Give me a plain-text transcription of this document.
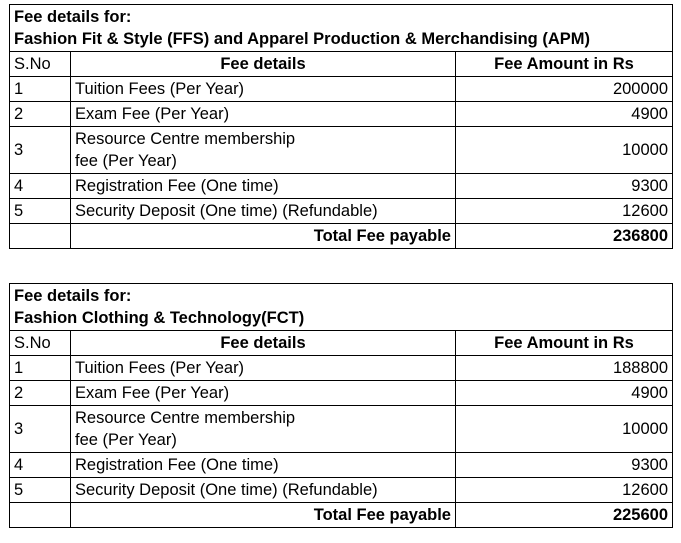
Fee details for:
Fashion Fit & Style (FFS) and Apparel Production & Merchandising (APM)		

S.No	Fee details	Fee Amount in Rs
1	Tuition Fees (Per Year)	200000
2	Exam Fee (Per Year)	4900
3	Resource Centre membership fee (Per Year)	10000
4	Registration Fee (One time)	9300
5	Security Deposit (One time) (Refundable)	12600
	Total Fee payable	236800
Fee details for:
Fashion Clothing & Technology(FCT)		

S.No	Fee details	Fee Amount in Rs
1	Tuition Fees (Per Year)	188800
2	Exam Fee (Per Year)	4900
3	Resource Centre membership fee (Per Year)	10000
4	Registration Fee (One time)	9300
5	Security Deposit (One time) (Refundable)	12600
	Total Fee payable	225600
